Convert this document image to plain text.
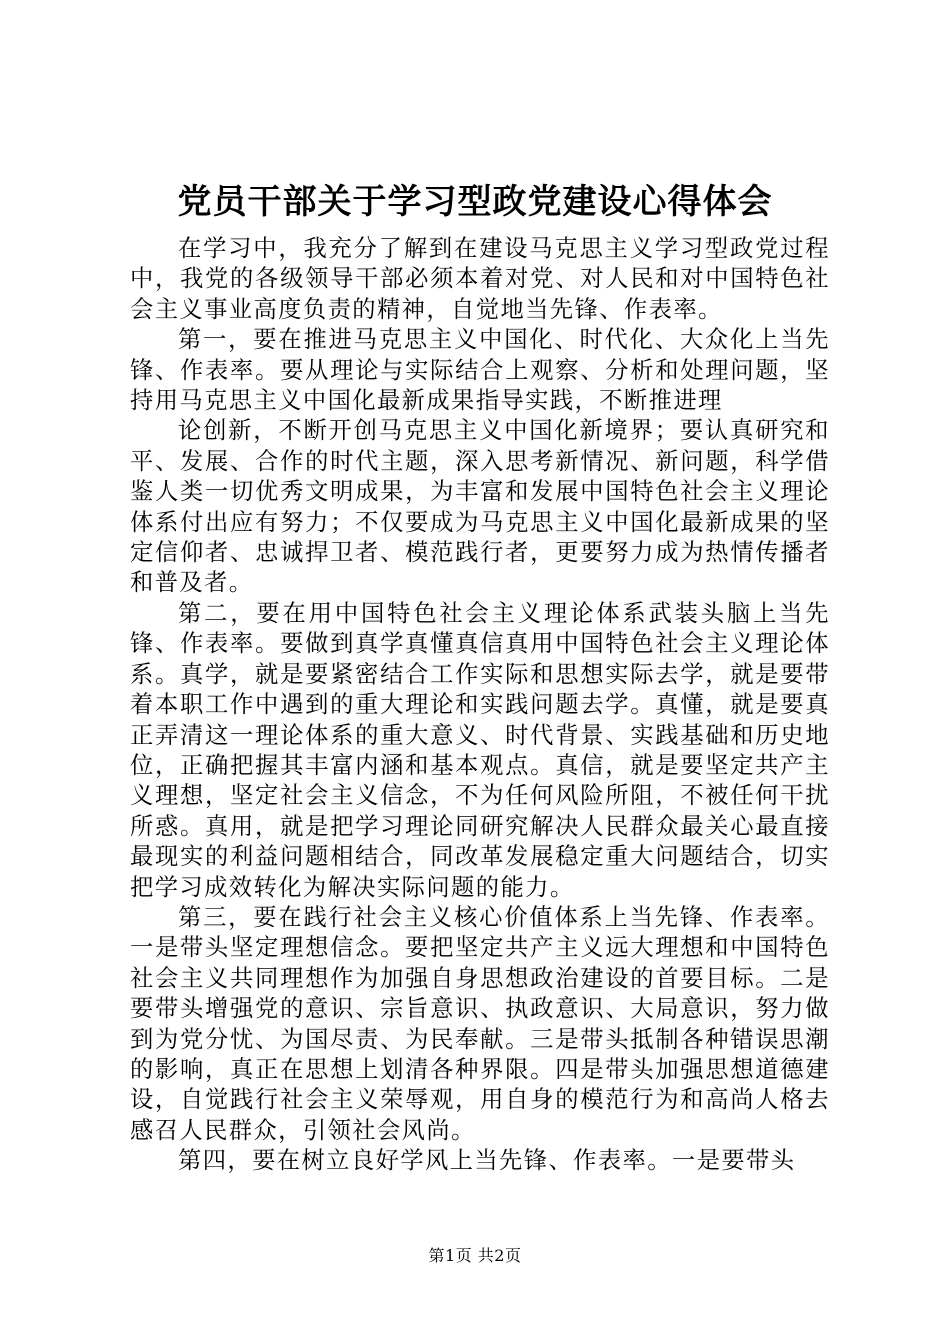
党员干部关于学习型政党建设心得体会

在学习中，我充分了解到在建设马克思主义学习型政党过程中，我党的各级领导干部必须本着对党、对人民和对中国特色社会主义事业高度负责的精神，自觉地当先锋、作表率。

第一，要在推进马克思主义中国化、时代化、大众化上当先锋、作表率。要从理论与实际结合上观察、分析和处理问题，坚持用马克思主义中国化最新成果指导实践，不断推进理

论创新，不断开创马克思主义中国化新境界；要认真研究和平、发展、合作的时代主题，深入思考新情况、新问题，科学借鉴人类一切优秀文明成果，为丰富和发展中国特色社会主义理论体系付出应有努力；不仅要成为马克思主义中国化最新成果的坚定信仰者、忠诚捍卫者、模范践行者，更要努力成为热情传播者和普及者。

第二，要在用中国特色社会主义理论体系武装头脑上当先锋、作表率。要做到真学真懂真信真用中国特色社会主义理论体系。真学，就是要紧密结合工作实际和思想实际去学，就是要带着本职工作中遇到的重大理论和实践问题去学。真懂，就是要真正弄清这一理论体系的重大意义、时代背景、实践基础和历史地位，正确把握其丰富内涵和基本观点。真信，就是要坚定共产主义理想，坚定社会主义信念，不为任何风险所阻，不被任何干扰所惑。真用，就是把学习理论同研究解决人民群众最关心最直接最现实的利益问题相结合，同改革发展稳定重大问题结合，切实把学习成效转化为解决实际问题的能力。

第三，要在践行社会主义核心价值体系上当先锋、作表率。一是带头坚定理想信念。要把坚定共产主义远大理想和中国特色社会主义共同理想作为加强自身思想政治建设的首要目标。二是要带头增强党的意识、宗旨意识、执政意识、大局意识，努力做到为党分忧、为国尽责、为民奉献。三是带头抵制各种错误思潮的影响，真正在思想上划清各种界限。四是带头加强思想道德建设，自觉践行社会主义荣辱观，用自身的模范行为和高尚人格去感召人民群众，引领社会风尚。

第四，要在树立良好学风上当先锋、作表率。一是要带头

第1页 共2页
